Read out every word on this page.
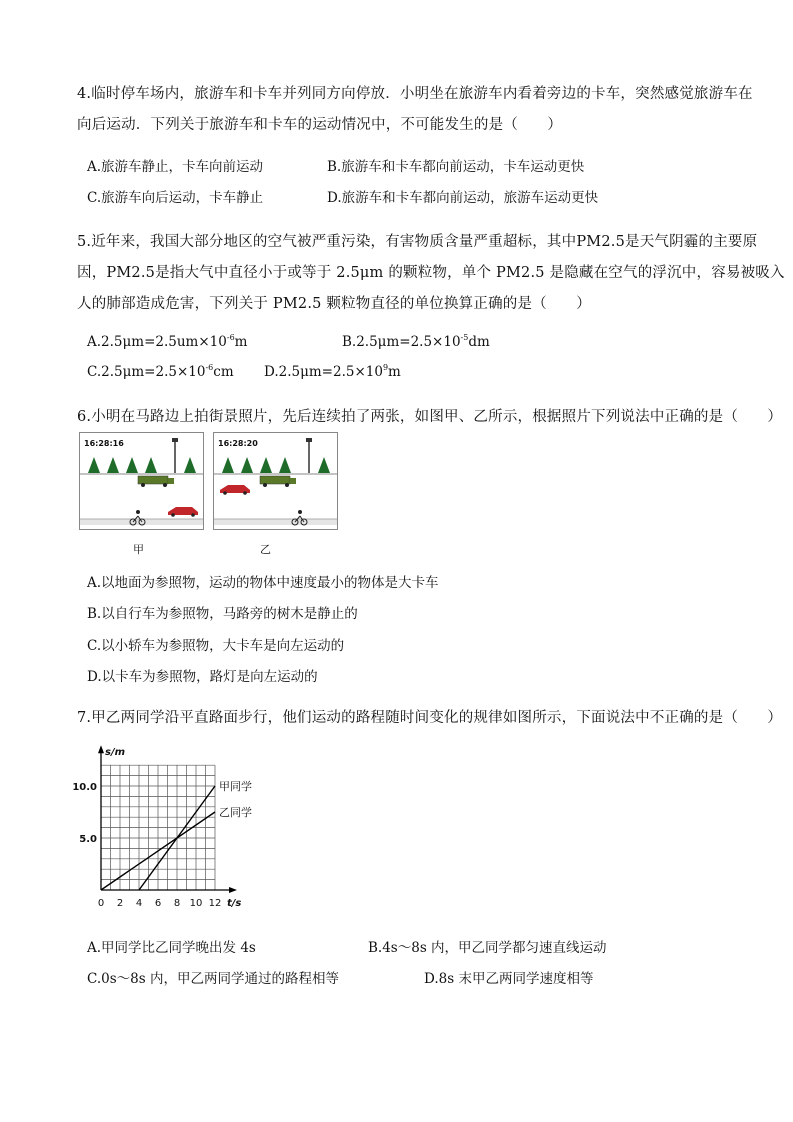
4.临时停车场内，旅游车和卡车并列同方向停放．小明坐在旅游车内看着旁边的卡车，突然感觉旅游车在
向后运动．下列关于旅游车和卡车的运动情况中，不可能发生的是（　　）
A.旅游车静止，卡车向前运动	B.旅游车和卡车都向前运动，卡车运动更快
C.旅游车向后运动，卡车静止	D.旅游车和卡车都向前运动，旅游车运动更快
5.近年来，我国大部分地区的空气被严重污染，有害物质含量严重超标，其中PM2.5是天气阴霾的主要原
因，PM2.5是指大气中直径小于或等于 2.5μm 的颗粒物，单个 PM2.5 是隐藏在空气的浮沉中，容易被吸入
人的肺部造成危害，下列关于 PM2.5 颗粒物直径的单位换算正确的是（　　）
$A.2.5\mu m=2.5um\times 10^{-6}m$	$B.2.5\mu m=2.5\times 10^{-5}dm$
$C.2.5\mu m=2.5\times 10^{-6}cm$ $D.2.5\mu m=2.5\times 10^9m$
6.小明在马路边上拍街景照片，先后连续拍了两张，如图甲、乙所示，根据照片下列说法中正确的是（　　）
16:28:16
甲
16:28:20
乙
A.以地面为参照物，运动的物体中速度最小的物体是大卡车
B.以自行车为参照物，马路旁的树木是静止的
C.以小轿车为参照物，大卡车是向左运动的
D.以卡车为参照物，路灯是向左运动的
7.甲乙两同学沿平直路面步行，他们运动的路程随时间变化的规律如图所示，下面说法中不正确的是（　　）
0 2 4 6 8 10 12
5.0
10.0
t/s
s/m
甲同学
乙同学
A.甲同学比乙同学晚出发 4s	B.4s～8s 内，甲乙同学都匀速直线运动
C.0s～8s 内，甲乙两同学通过的路程相等	D.8s 末甲乙两同学速度相等
